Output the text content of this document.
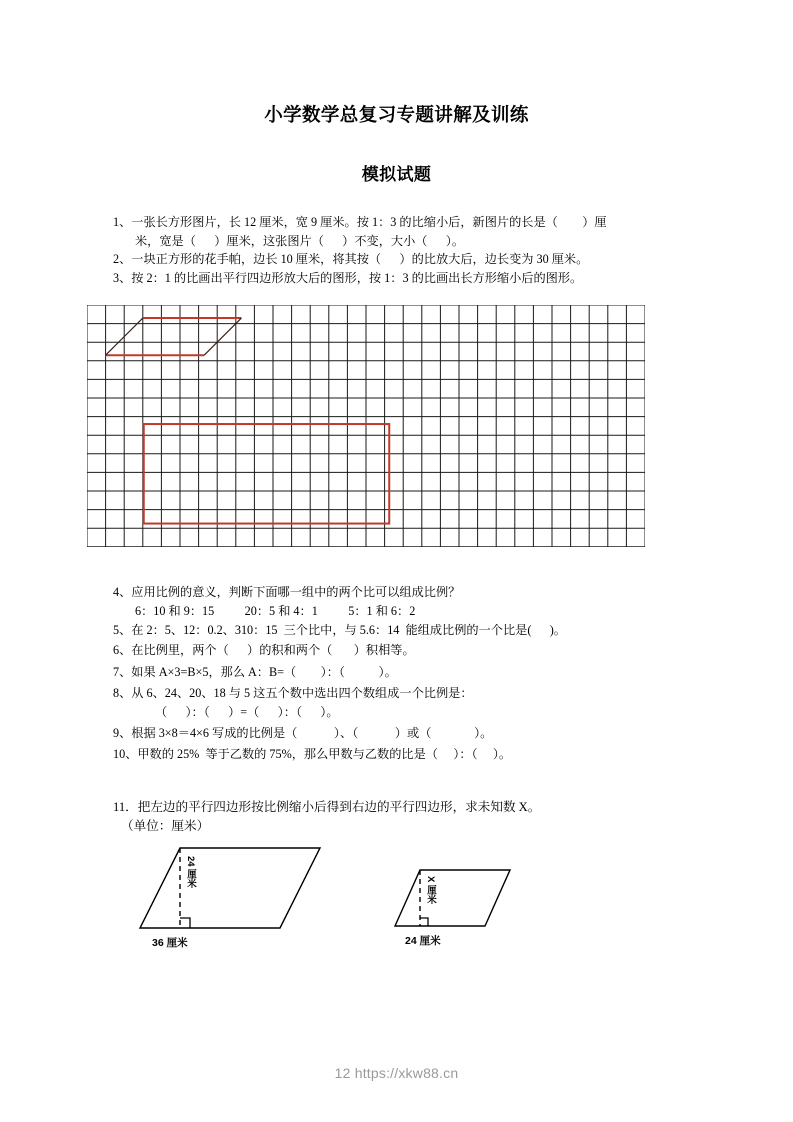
小学数学总复习专题讲解及训练
模拟试题
1、一张长方形图片，长 12 厘米，宽 9 厘米。按 1：3 的比缩小后，新图片的长是（        ）厘
米，宽是（      ）厘米，这张图片（      ）不变，大小（      ）。
2、一块正方形的花手帕，边长 10 厘米，将其按（      ）的比放大后，边长变为 30 厘米。
3、按 2：1 的比画出平行四边形放大后的图形，按 1：3 的比画出长方形缩小后的图形。
4、应用比例的意义，判断下面哪一组中的两个比可以组成比例？
6：10 和 9：15          20：5 和 4：1          5：1 和 6：2
5、在 2：5、12：0.2、310：15  三个比中，与 5.6：14  能组成比例的一个比是(      )。
6、在比例里，两个（      ）的积和两个（       ）积相等。
7、如果 A×3=B×5，那么 A：B=（        ）：（           ）。
8、从 6、24、20、18 与 5 这五个数中选出四个数组成一个比例是：
（      ）：（      ）=（      ）：（      ）。
9、根据 3×8＝4×6 写成的比例是（            ）、（            ）或（              ）。
10、甲数的 25%  等于乙数的 75%，那么甲数与乙数的比是（     ）：（     ）。
11．把左边的平行四边形按比例缩小后得到右边的平行四边形，求未知数 X。
（单位：厘米）
24 厘米
36 厘米
X 厘米
24 厘米
12 https://xkw88.cn
